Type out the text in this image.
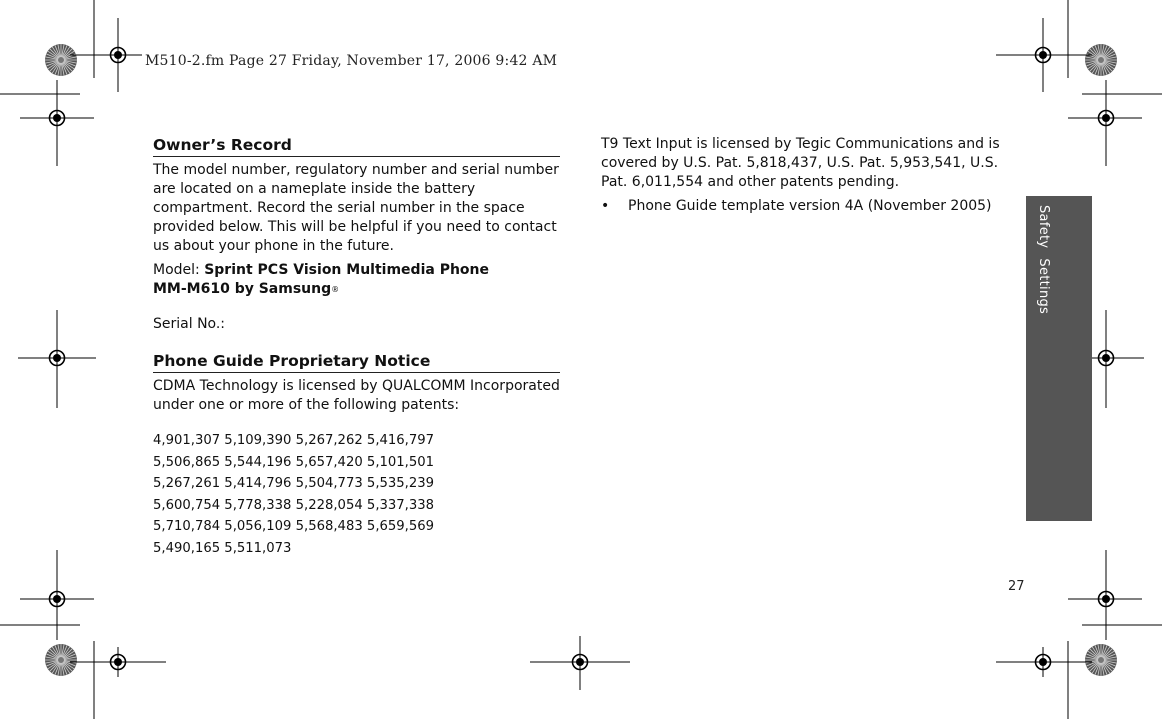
M510-2.fm Page 27 Friday, November 17, 2006 9:42 AM
Owner’s Record

The model number, regulatory number and serial number are located on a nameplate inside the battery compartment. Record the serial number in the space provided below. This will be helpful if you need to contact us about your phone in the future.

Model: Sprint PCS Vision Multimedia Phone
MM-M610 by Samsung®

Serial No.:

Phone Guide Proprietary Notice

CDMA Technology is licensed by QUALCOMM Incorporated under one or more of the following patents:

4,901,307 5,109,390 5,267,262 5,416,797
5,506,865 5,544,196 5,657,420 5,101,501
5,267,261 5,414,796 5,504,773 5,535,239
5,600,754 5,778,338 5,228,054 5,337,338
5,710,784 5,056,109 5,568,483 5,659,569
5,490,165 5,511,073

T9 Text Input is licensed by Tegic Communications and is covered by U.S. Pat. 5,818,437, U.S. Pat. 5,953,541, U.S. Pat. 6,011,554 and other patents pending.

• Phone Guide template version 4A (November 2005)	SafetySettings
27
